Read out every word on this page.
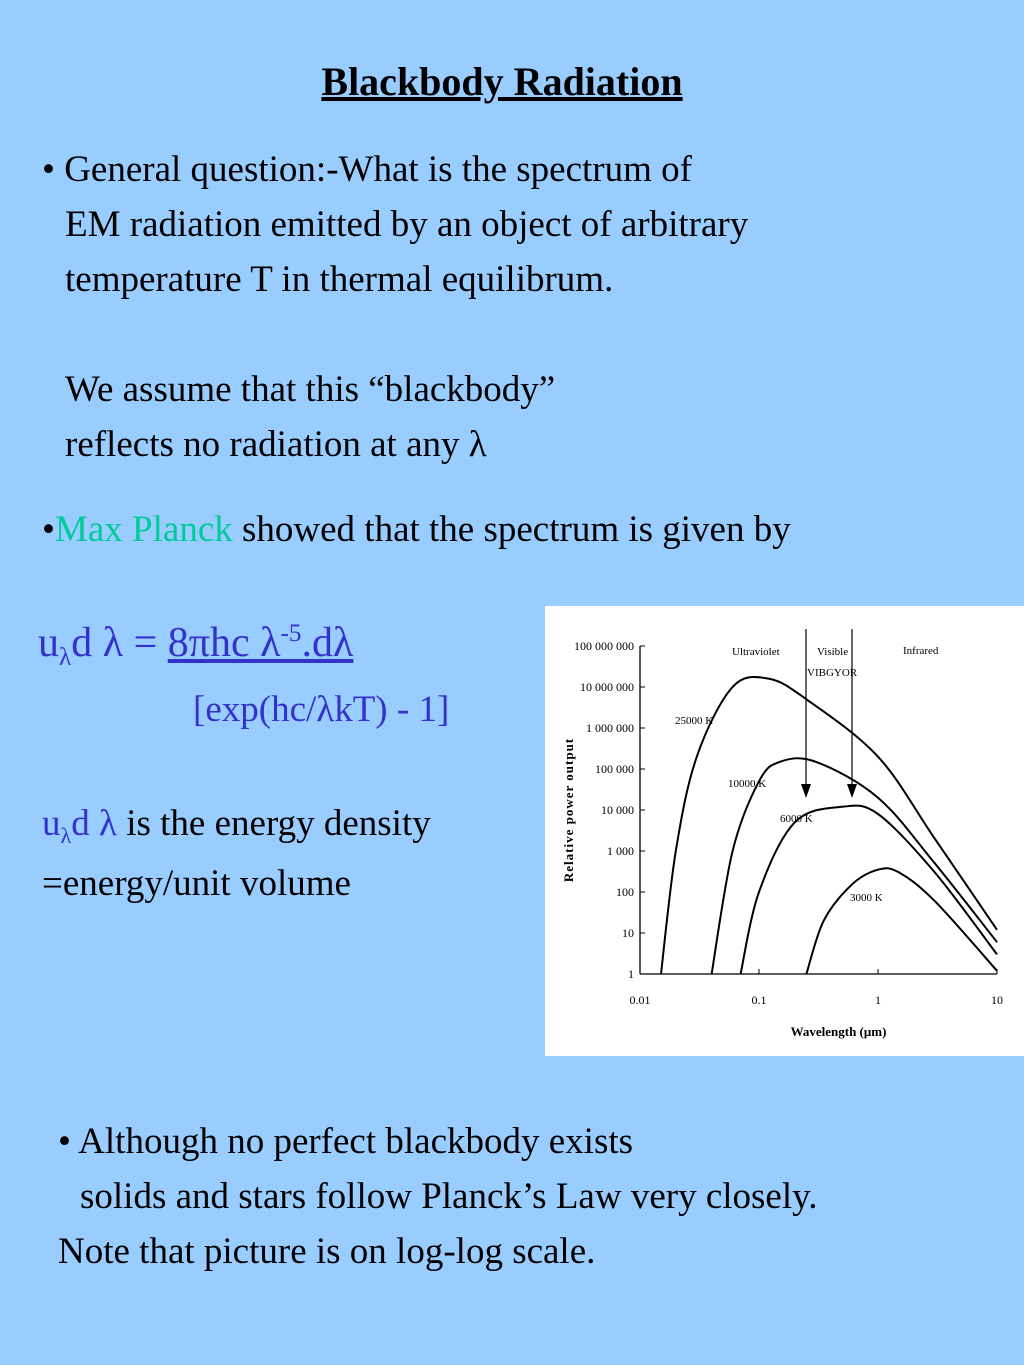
Blackbody Radiation
• General question:-What is the spectrum of
EM radiation emitted by an object of arbitrary
temperature T in thermal equilibrum.
We assume that this “blackbody”
reflects no radiation at any λ
•Max Planck showed that the spectrum is given by
$u_\lambda d$ λ = 8πhc $\lambda^{-5}.d\lambda$
[exp(hc/λkT) - 1]
$u_\lambda d$ λ is the energy density
=energy/unit volume
1
10
100
1 000
10 000
100 000
1 000 000
10 000 000
100 000 000
0.01	0.1	1	10
Wavelength (μm)
Relative power output
25000 K
10000 K
6000 K
3000 K
Ultraviolet	Visible
VIBGYOR
Infrared
• Although no perfect blackbody exists
solids and stars follow Planck’s Law very closely.
Note that picture is on log-log scale.
